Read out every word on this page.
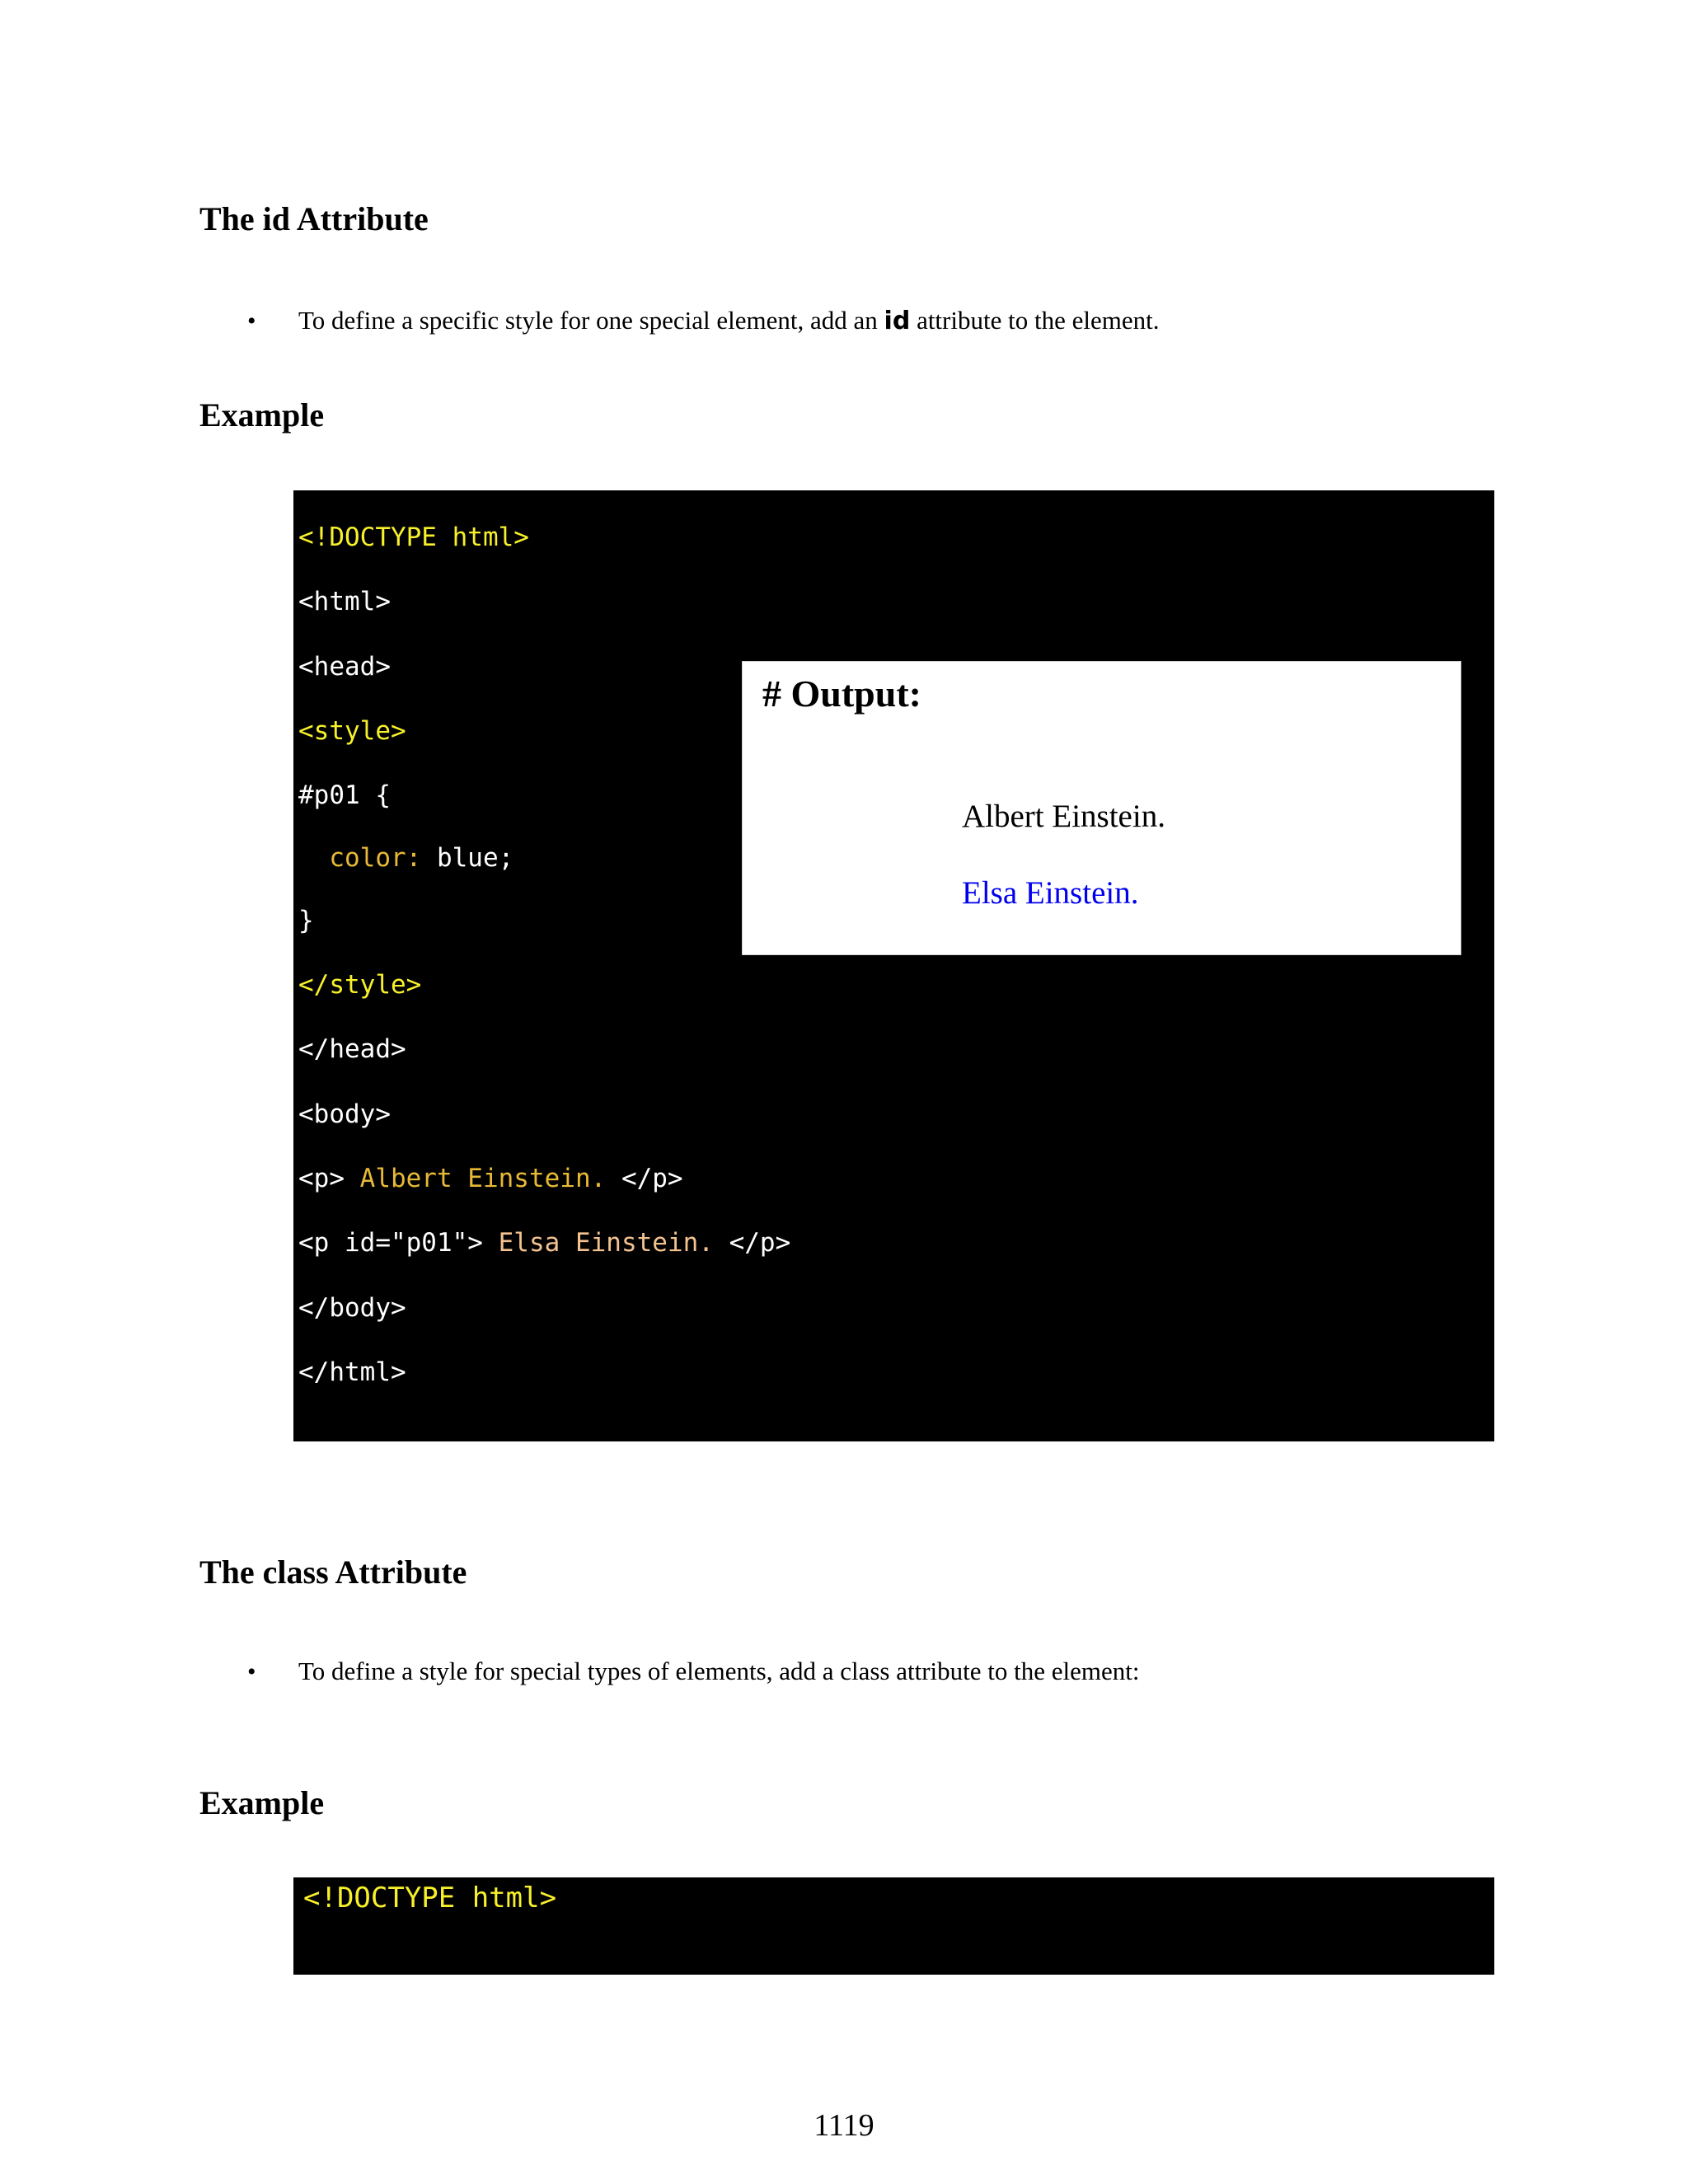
The id Attribute
• To define a specific style for one special element, add an id attribute to the element.
Example
<!DOCTYPE html>
<html>
<head>
<style>
#p01 {
color: blue;
}
</style>
</head>
<body>
<p> Albert Einstein. </p>
<p id="p01"> Elsa Einstein. </p>
</body>
</html>
# Output:
Albert Einstein.
Elsa Einstein.
The class Attribute
• To define a style for special types of elements, add a class attribute to the element:
Example
<!DOCTYPE html>
1119
